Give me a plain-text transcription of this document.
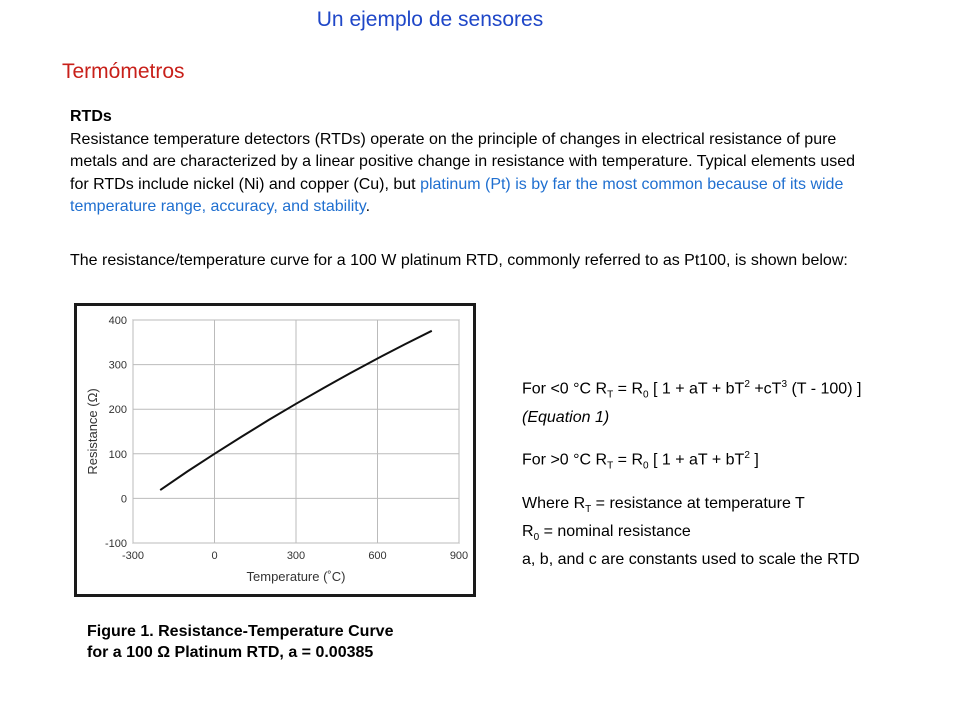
Un ejemplo de sensores
Termómetros
RTDs
Resistance temperature detectors (RTDs) operate on the principle of changes in electrical resistance of pure metals and are characterized by a linear positive change in resistance with temperature. Typical elements used for RTDs include nickel (Ni) and copper (Cu), but platinum (Pt) is by far the most common because of its wide temperature range, accuracy, and stability.
The resistance/temperature curve for a 100 W platinum RTD, commonly referred to as Pt100, is shown below:
-100
0
100
200
300
400
-300	0	300	600	900
Temperature (˚C)
Resistance (Ω)	For <0 °C $R_T = R_0$ [ 1 + aT + $bT^2 +cT^3$ (T - 100) ]
(Equation 1)
For >0 °C $R_T = R_0$ [ 1 + aT + $bT^2$ ]
Where $R_T$ = resistance at temperature T
$R_0$ = nominal resistance
a, b, and c are constants used to scale the RTD
Figure 1. Resistance-Temperature Curve
for a 100 Ω Platinum RTD, a = 0.00385
